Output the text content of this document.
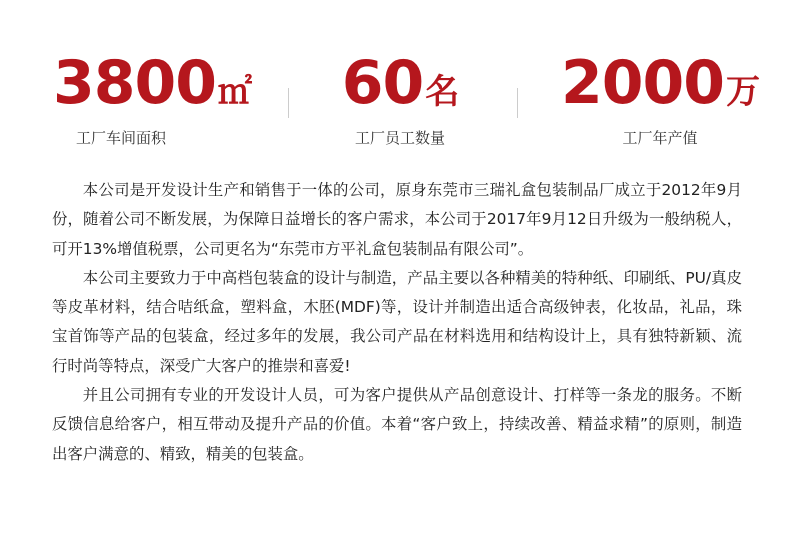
3800㎡
工厂车间面积
60名
工厂员工数量
2000万
工厂年产值

本公司是开发设计生产和销售于一体的公司，原身东莞市三瑞礼盒包装制品厂成立于2012年9月份，随着公司不断发展，为保障日益增长的客户需求，本公司于2017年9月12日升级为一般纳税人，可开13%增值税票，公司更名为“东莞市方平礼盒包装制品有限公司”。

本公司主要致力于中高档包装盒的设计与制造，产品主要以各种精美的特种纸、印刷纸、PU/真皮等皮革材料，结合咭纸盒，塑料盒，木胚(MDF)等，设计并制造出适合高级钟表，化妆品，礼品，珠宝首饰等产品的包装盒，经过多年的发展，我公司产品在材料选用和结构设计上，具有独特新颖、流行时尚等特点，深受广大客户的推崇和喜爱!

并且公司拥有专业的开发设计人员，可为客户提供从产品创意设计、打样等一条龙的服务。不断反馈信息给客户，相互带动及提升产品的价值。本着“客户致上，持续改善、精益求精”的原则，制造出客户满意的、精致，精美的包装盒。
